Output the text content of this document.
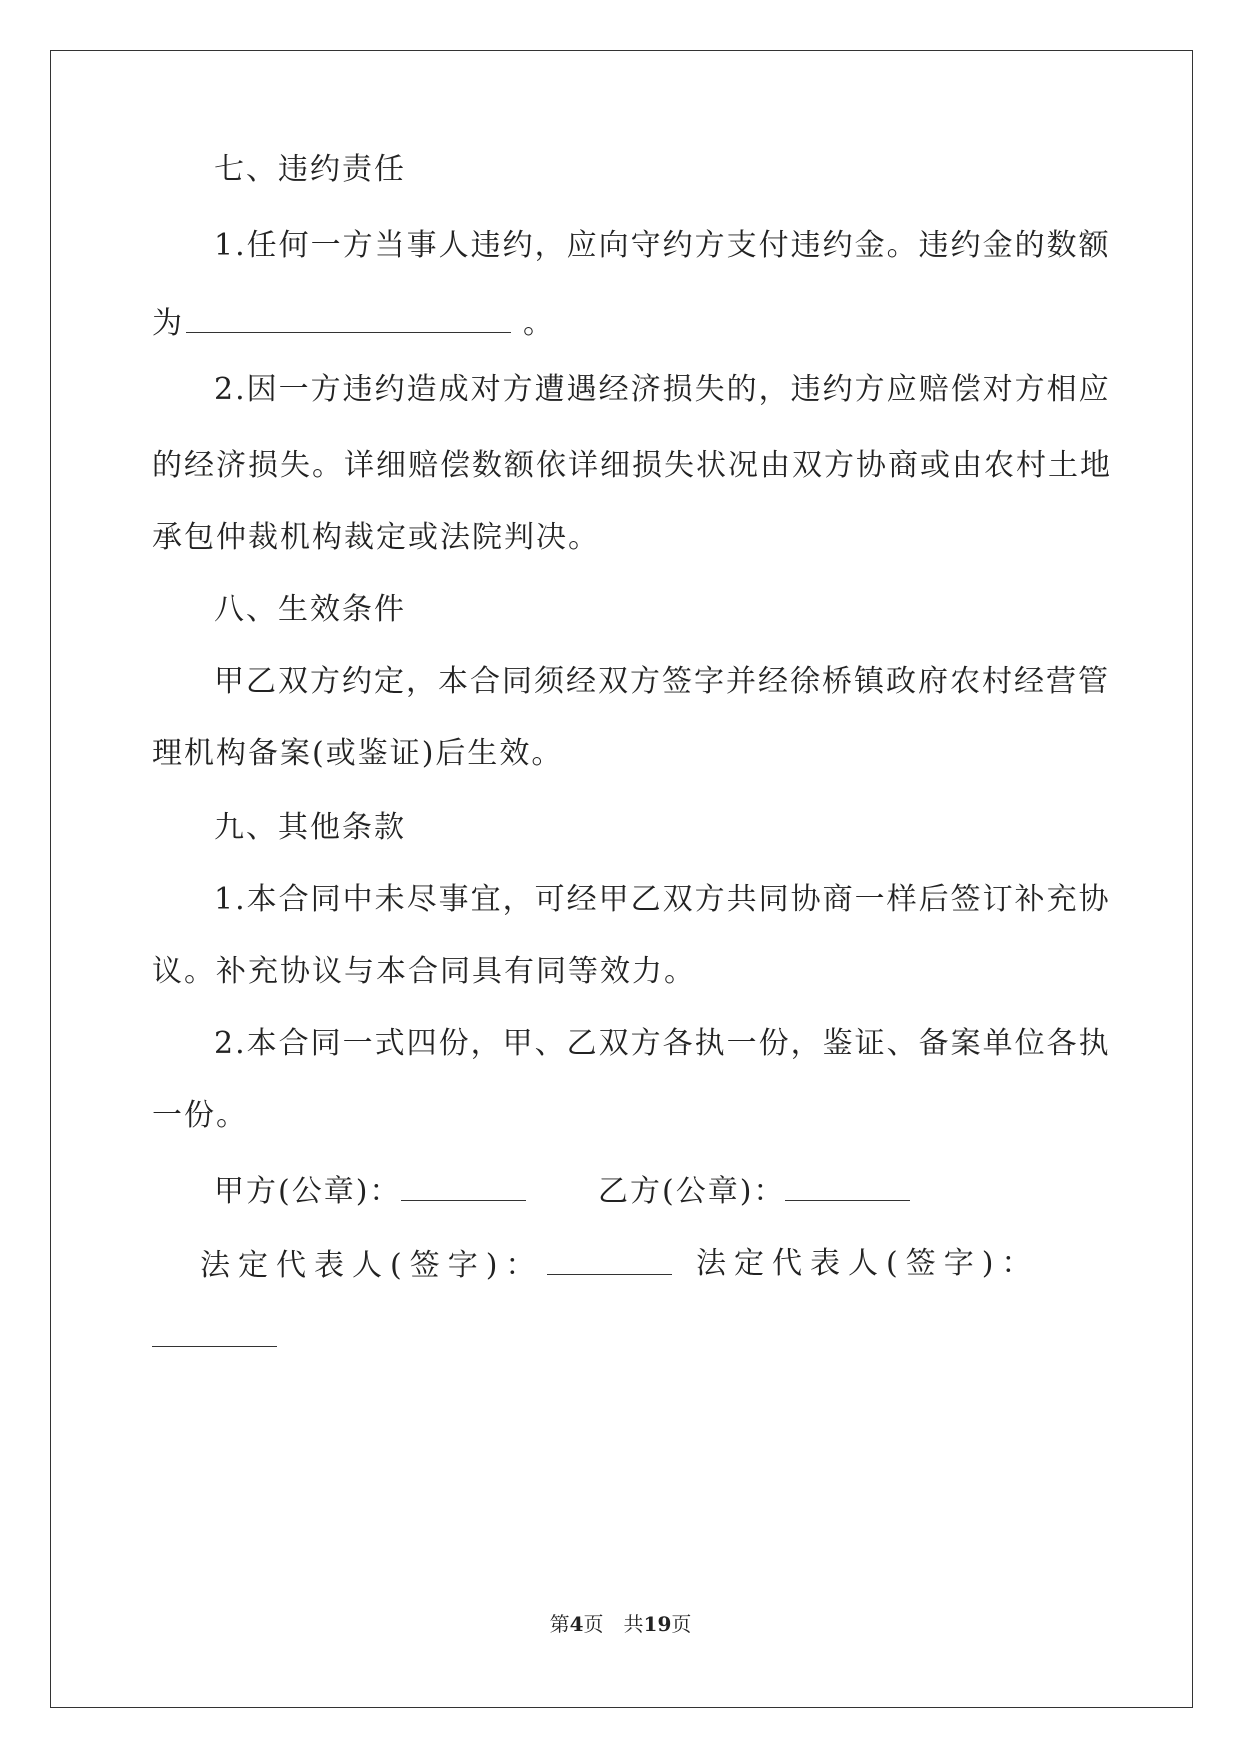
七、违约责任
1.任何一方当事人违约，应向守约方支付违约金。违约金的数额
为	。
2.因一方违约造成对方遭遇经济损失的，违约方应赔偿对方相应
的经济损失。详细赔偿数额依详细损失状况由双方协商或由农村土地
承包仲裁机构裁定或法院判决。
八、生效条件
甲乙双方约定，本合同须经双方签字并经徐桥镇政府农村经营管
理机构备案(或鉴证)后生效。
九、其他条款
1.本合同中未尽事宜，可经甲乙双方共同协商一样后签订补充协
议。补充协议与本合同具有同等效力。
2.本合同一式四份，甲、乙双方各执一份，鉴证、备案单位各执
一份。
甲方(公章)：	乙方(公章)：
法定代表人(签字)：	法定代表人(签字)：
第4页　共19页
